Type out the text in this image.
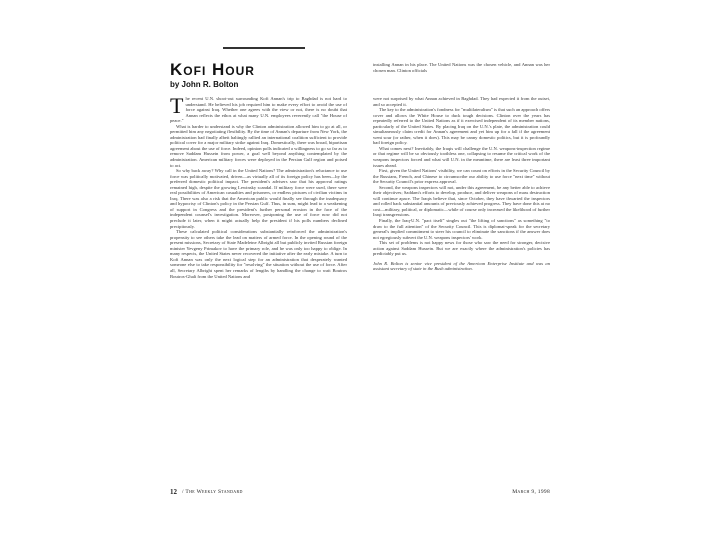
Kofi Hour

by John R. Bolton

The recent U.N. shoot-out surrounding Kofi Annan's trip to Baghdad is not hard to understand. He believed his job required him to make every effort to avoid the use of force against Iraq. Whether one agrees with the view or not, there is no doubt that Annan reflects the ethos at what many U.N. employees reverently call "the House of peace."

What is harder to understand is why the Clinton administration allowed him to go at all, or permitted him any negotiating flexibility. By the time of Annan's departure from New York, the administration had finally albeit haltingly rallied an international coalition sufficient to provide political cover for a major military strike against Iraq. Domestically, there was broad, bipartisan agreement about the use of force. Indeed, opinion polls indicated a willingness to go so far as to remove Saddam Hussein from power, a goal well beyond anything contemplated by the administration. American military forces were deployed in the Persian Gulf region and poised to act.

So why back away? Why call in the United Nations? The administration's reluctance to use force was politically motivated, driven—as virtually all of its foreign policy has been—by the preferred domestic political impact. The president's advisers saw that his approval ratings remained high, despite the growing Lewinsky scandal. If military force were used, there were real possibilities of American casualties and prisoners, or endless pictures of civilian victims in Iraq. There was also a risk that the American public would finally see through the inadequacy and hypocrisy of Clinton's policy in the Persian Gulf. Thus, in sum, might lead to a weakening of support in Congress and the president's further personal erosion in the face of the independent counsel's investigation. Moreover, postponing the use of force now did not preclude it later, when it might actually help the president if his polls numbers declined precipitously.

These calculated political considerations substantially reinforced the administration's propensity to see others take the lead on matters of armed force. In the opening round of the present missions, Secretary of State Madeleine Albright all but publicly invited Russian foreign minister Yevgeny Primakov to have the primary role, and he was only too happy to oblige. In many respects, the United States never recovered the initiative after the early mistake. A turn to Kofi Annan was only the next logical step for an administration that desperately wanted someone else to take responsibility for "resolving" the situation without the use of force. After all, Secretary Albright spent her remarks of lengths by handling the change to wait Boutros Boutros-Ghali from the United Nations and

installing Annan in his place. The United Nations was the chosen vehicle, and Annan was her chosen man. Clinton officials

were not surprised by what Annan achieved in Baghdad. They had expected it from the outset, and so accepted it.

The key to the administration's fondness for "multilateralism" is that such an approach offers cover and allows the White House to duck tough decisions. Clinton over the years has repeatedly referred to the United Nations as if it exercised independent of its member nations, particularly of the United States. By placing Iraq on the U.N.'s plate, the administration could simultaneously claim credit for Annan's agreement and yet him up for a fall if the agreement went sour (or rather, when it does). This may be canny domestic politics, but it is profoundly bad foreign policy.

What comes next? Inevitably, the Iraqis will challenge the U.N. weapons-inspection regime or that regime will be so obviously toothless one, collapsing to resume the critical work of the weapons inspectors forced and what will U.N. in the meantime, there are least three important issues ahead.

First, given the United Nations' visibility, we can count on efforts in the Security Council by the Russians, French, and Chinese to circumscribe our ability to use force "next time" without the Security Council's prior express approval.

Second, the weapons inspectors will not, under this agreement, be any better able to achieve their objectives; Saddam's efforts to develop, produce, and deliver weapons of mass destruction will continue apace. The Iraqis believe that, since October, they have thwarted the inspectors and rolled back substantial amounts of previously achieved progress. They have done this at no cost—military, political, or diplomatic—while of course only increased the likelihood of further Iraqi transgressions.

Finally, the Iraq-U.N. "pact itself" singles out "the lifting of sanctions" as something "to draw to the full attention" of the Security Council. This is diplomat-speak for the secretary general's implied commitment to steer his council to eliminate the sanctions if the answer does not egregiously subvert the U.N. weapons inspectors' work.

This set of problems is not happy news for those who saw the need for stronger, decisive action against Saddam Hussein. But we are exactly where the administration's policies has predictably put us.

John R. Bolton is senior vice president of the American Enterprise Institute and was an assistant secretary of state in the Bush administration.

12 / The Weekly Standard	March 9, 1998
